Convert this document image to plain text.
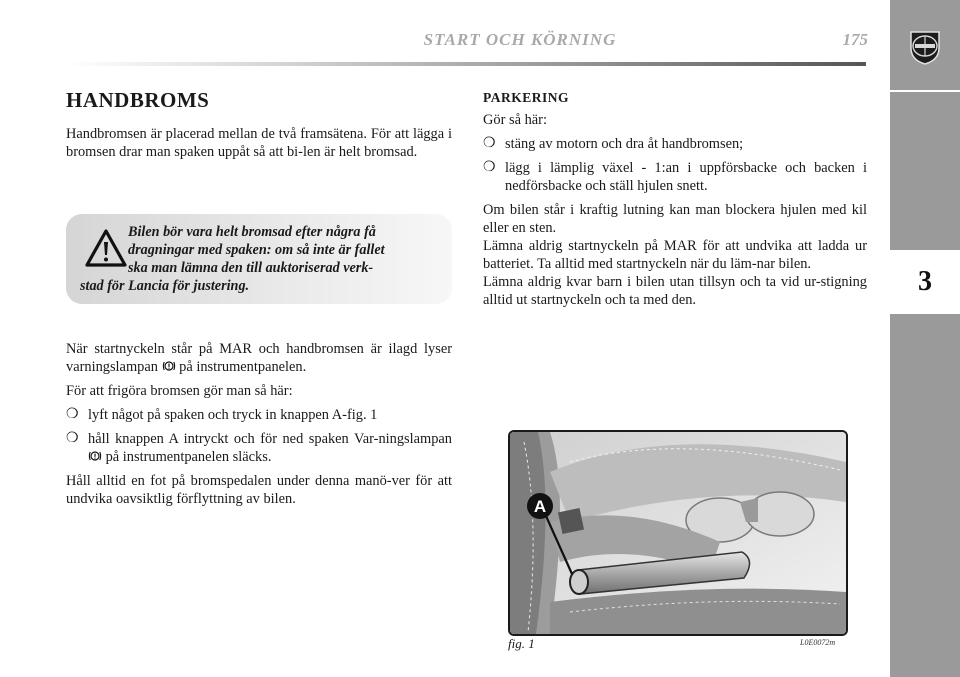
START OCH KÖRNING	175
3
HANDBROMS

Handbromsen är placerad mellan de två framsätena. För att lägga i bromsen drar man spaken uppåt så att bi-len är helt bromsad.

Bilen bör vara helt bromsad efter några få
dragningar med spaken: om så inte är fallet
ska man lämna den till auktoriserad verk-
stad för Lancia för justering.

När startnyckeln står på MAR och handbromsen är ilagd lyser varningslampan på instrumentpanelen.

För att frigöra bromsen gör man så här:

❍ lyft något på spaken och tryck in knappen A-fig. 1
❍ håll knappen A intryckt och för ned spaken Var-ningslampan  på instrumentpanelen släcks.

Håll alltid en fot på bromspedalen under denna manö-ver för att undvika oavsiktlig förflyttning av bilen.

PARKERING

Gör så här:

❍ stäng av motorn och dra åt handbromsen;
❍ lägg i lämplig växel - 1:an i uppförsbacke och backen i nedförsbacke och ställ hjulen snett.

Om bilen står i kraftig lutning kan man blockera hjulen med kil eller en sten.

Lämna aldrig startnyckeln på MAR för att undvika att ladda ur batteriet. Ta alltid med startnyckeln när du läm-nar bilen.

Lämna aldrig kvar barn i bilen utan tillsyn och ta vid ur-stigning alltid ut startnyckeln och ta med den.

A
fig. 1	L0E0072m
